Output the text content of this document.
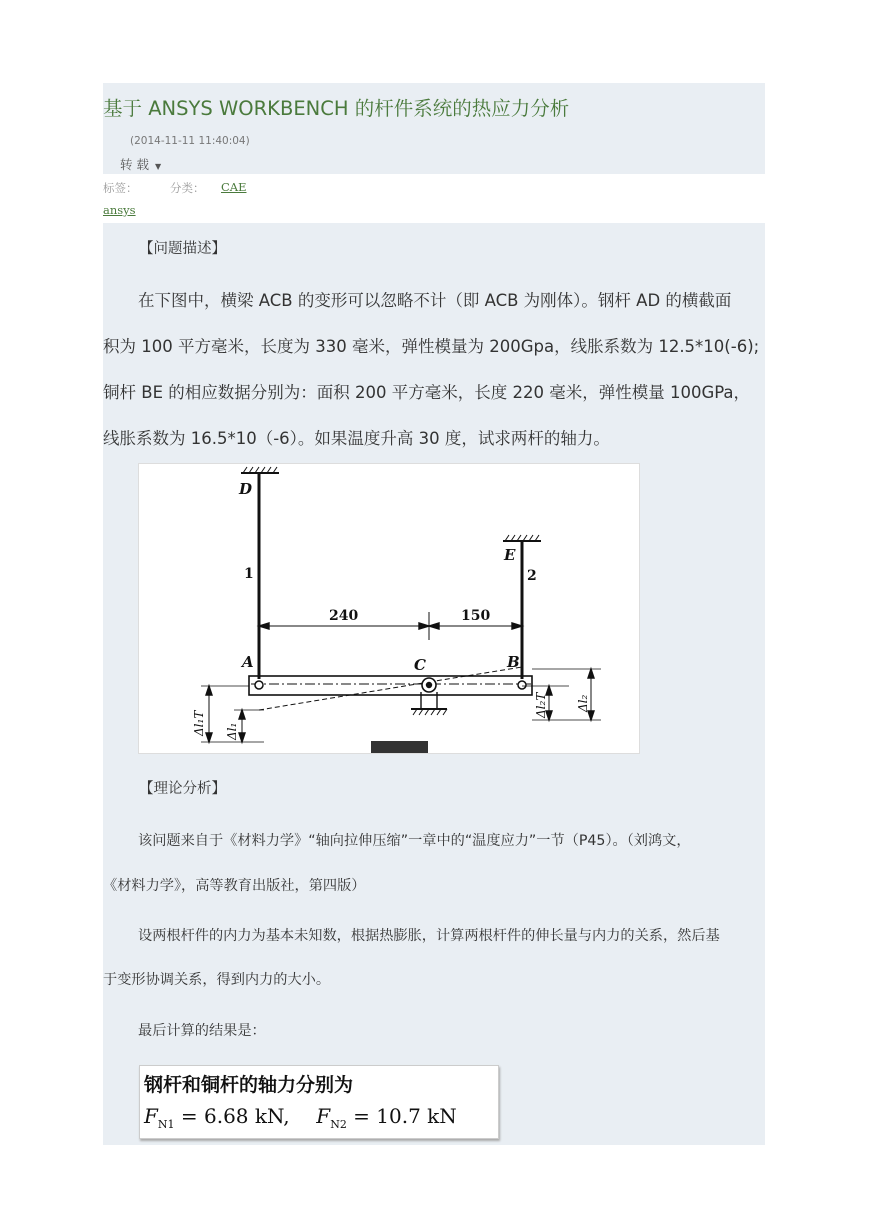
基于 ANSYS WORKBENCH 的杆件系统的热应力分析
(2014-11-11 11:40:04)
转载 ▼
标签：	分类： CAE
ansys
【问题描述】
在下图中，横梁 ACB 的变形可以忽略不计（即 ACB 为刚体）。钢杆 AD 的横截面
积为 100 平方毫米，长度为 330 毫米，弹性模量为 200Gpa，线胀系数为 12.5*10(-6);
铜杆 BE 的相应数据分别为：面积 200 平方毫米，长度 220 毫米，弹性模量 100GPa，
线胀系数为 16.5*10（-6）。如果温度升高 30 度，试求两杆的轴力。
D
E
A	C	B
1	2
240	150
Δl₁T Δl₁
Δl₂T Δl₂
【理论分析】
该问题来自于《材料力学》“轴向拉伸压缩”一章中的“温度应力”一节（P45）。（刘鸿文，
《材料力学》，高等教育出版社，第四版）
设两根杆件的内力为基本未知数，根据热膨胀，计算两根杆件的伸长量与内力的关系，然后基
于变形协调关系，得到内力的大小。
最后计算的结果是：
钢杆和铜杆的轴力分别为
$F_{N1} = 6.68$ kN, $F_{N2} = 10.7$ kN
